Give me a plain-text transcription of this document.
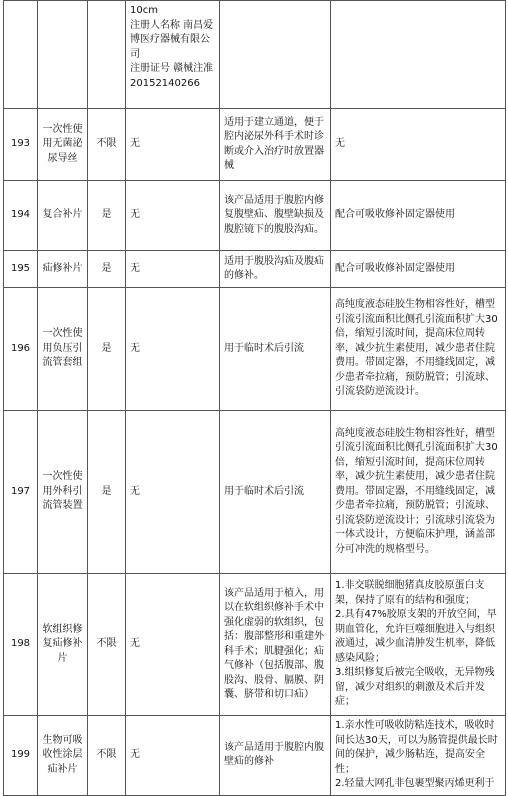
			10cm
注册人名称 南昌爱博医疗器械有限公司
注册证号 赣械注准20152140266		
193	一次性使用无菌泌尿导丝	不限	无	适用于建立通道，便于腔内泌尿外科手术时诊断或介入治疗时放置器械	无
194	复合补片	是	无	该产品适用于腹腔内修复腹壁疝、腹壁缺损及腹腔镜下的腹股沟疝。	配合可吸收修补固定器使用
195	疝修补片	是	无	适用于腹股沟疝及腹疝的修补。	配合可吸收修补固定器使用
196	一次性使用负压引流管套组	是	无	用于临时术后引流	高纯度液态硅胶生物相容性好，槽型引流引流面积比侧孔引流面积扩大30倍，缩短引流时间，提高床位周转率，减少抗生素使用，减少患者住院费用。带固定器，不用缝线固定，减少患者牵拉痛，预防脱管；引流球、引流袋防逆流设计。
197	一次性使用外科引流管装置	是	无	用于临时术后引流	高纯度液态硅胶生物相容性好，槽型引流引流面积比侧孔引流面积扩大30倍，缩短引流时间，提高床位周转率，减少抗生素使用，减少患者住院费用。带固定器，不用缝线固定，减少患者牵拉痛，预防脱管；引流球、引流袋防逆流设计；引流球引流袋为一体式设计，方便临床护理，涵盖部分可冲洗的规格型号。
198	软组织修复疝修补片	不限	无	该产品适用于植入，用以在软组织修补手术中强化虚弱的软组织，包括：腹部整形和重建外科手术；肌腱强化；疝气修补（包括腹部、腹股沟、股骨、膈膜、阴囊、脐带和切口疝）	1.非交联脱细胞猪真皮胶原蛋白支架，保持了原有的结构和强度；
2.具有47%胶原支架的开放空间，早期血管化，允许巨噬细胞进入与组织液通过，减少血清肿发生机率，降低感染风险；
3.组织修复后被完全吸收，无异物残留，减少对组织的刺激及术后并发症；
199	生物可吸收性涂层疝补片	不限	无	该产品适用于腹腔内腹壁疝的修补	1.亲水性可吸收防粘连技术，吸收时间长达30天，可以为肠管提供最长时间的保护，减少肠粘连，提高安全性；
2.轻量大网孔非包裹型聚丙烯更利于
